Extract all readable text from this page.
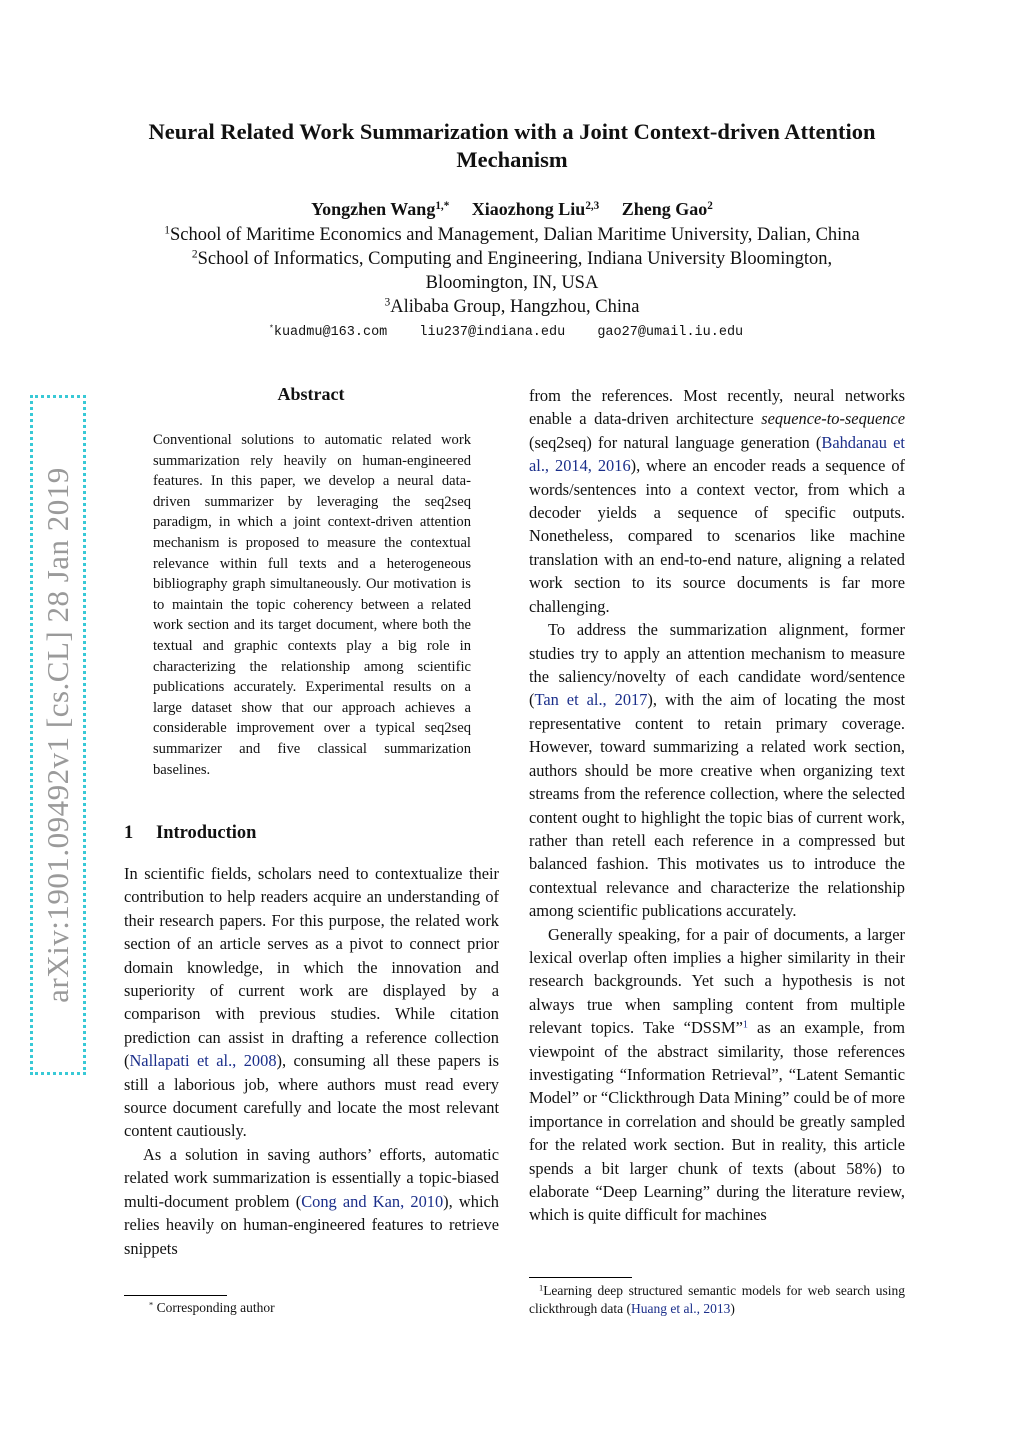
Neural Related Work Summarization with a Joint Context-driven Attention Mechanism
Yongzhen Wang$^{1,*}$ Xiaozhong Liu$^{2,3}$ Zheng Gao$^2$
$^1$School of Maritime Economics and Management, Dalian Maritime University, Dalian, China
$^2$School of Informatics, Computing and Engineering, Indiana University Bloomington, Bloomington, IN, USA
$^3$Alibaba Group, Hangzhou, China
*kuadmu@163.com liu237@indiana.edu gao27@umail.iu.edu
arXiv:1901.09492v1 [cs.CL] 28 Jan 2019
Abstract
Conventional solutions to automatic related work summarization rely heavily on human-engineered features. In this paper, we develop a neural data-driven summarizer by leveraging the seq2seq paradigm, in which a joint context-driven attention mechanism is proposed to measure the contextual relevance within full texts and a heterogeneous bibliography graph simultaneously. Our motivation is to maintain the topic coherency between a related work section and its target document, where both the textual and graphic contexts play a big role in characterizing the relationship among scientific publications accurately. Experimental results on a large dataset show that our approach achieves a considerable improvement over a typical seq2seq summarizer and five classical summarization baselines.
1 Introduction

In scientific fields, scholars need to contextualize their contribution to help readers acquire an understanding of their research papers. For this purpose, the related work section of an article serves as a pivot to connect prior domain knowledge, in which the innovation and superiority of current work are displayed by a comparison with previous studies. While citation prediction can assist in drafting a reference collection (Nallapati et al., 2008), consuming all these papers is still a laborious job, where authors must read every source document carefully and locate the most relevant content cautiously.

As a solution in saving authors’ efforts, automatic related work summarization is essentially a topic-biased multi-document problem (Cong and Kan, 2010), which relies heavily on human-engineered features to retrieve snippets

from the references. Most recently, neural networks enable a data-driven architecture sequence-to-sequence (seq2seq) for natural language generation (Bahdanau et al., 2014, 2016), where an encoder reads a sequence of words/sentences into a context vector, from which a decoder yields a sequence of specific outputs. Nonetheless, compared to scenarios like machine translation with an end-to-end nature, aligning a related work section to its source documents is far more challenging.

To address the summarization alignment, former studies try to apply an attention mechanism to measure the saliency/novelty of each candidate word/sentence (Tan et al., 2017), with the aim of locating the most representative content to retain primary coverage. However, toward summarizing a related work section, authors should be more creative when organizing text streams from the reference collection, where the selected content ought to highlight the topic bias of current work, rather than retell each reference in a compressed but balanced fashion. This motivates us to introduce the contextual relevance and characterize the relationship among scientific publications accurately.

Generally speaking, for a pair of documents, a larger lexical overlap often implies a higher similarity in their research backgrounds. Yet such a hypothesis is not always true when sampling content from multiple relevant topics. Take “DSSM”$^1$ as an example, from viewpoint of the abstract similarity, those references investigating “Information Retrieval”, “Latent Semantic Model” or “Clickthrough Data Mining” could be of more importance in correlation and should be greatly sampled for the related work section. But in reality, this article spends a bit larger chunk of texts (about 58%) to elaborate “Deep Learning” during the literature review, which is quite difficult for machines

* Corresponding author
$^1$Learning deep structured semantic models for web search using clickthrough data (Huang et al., 2013)
